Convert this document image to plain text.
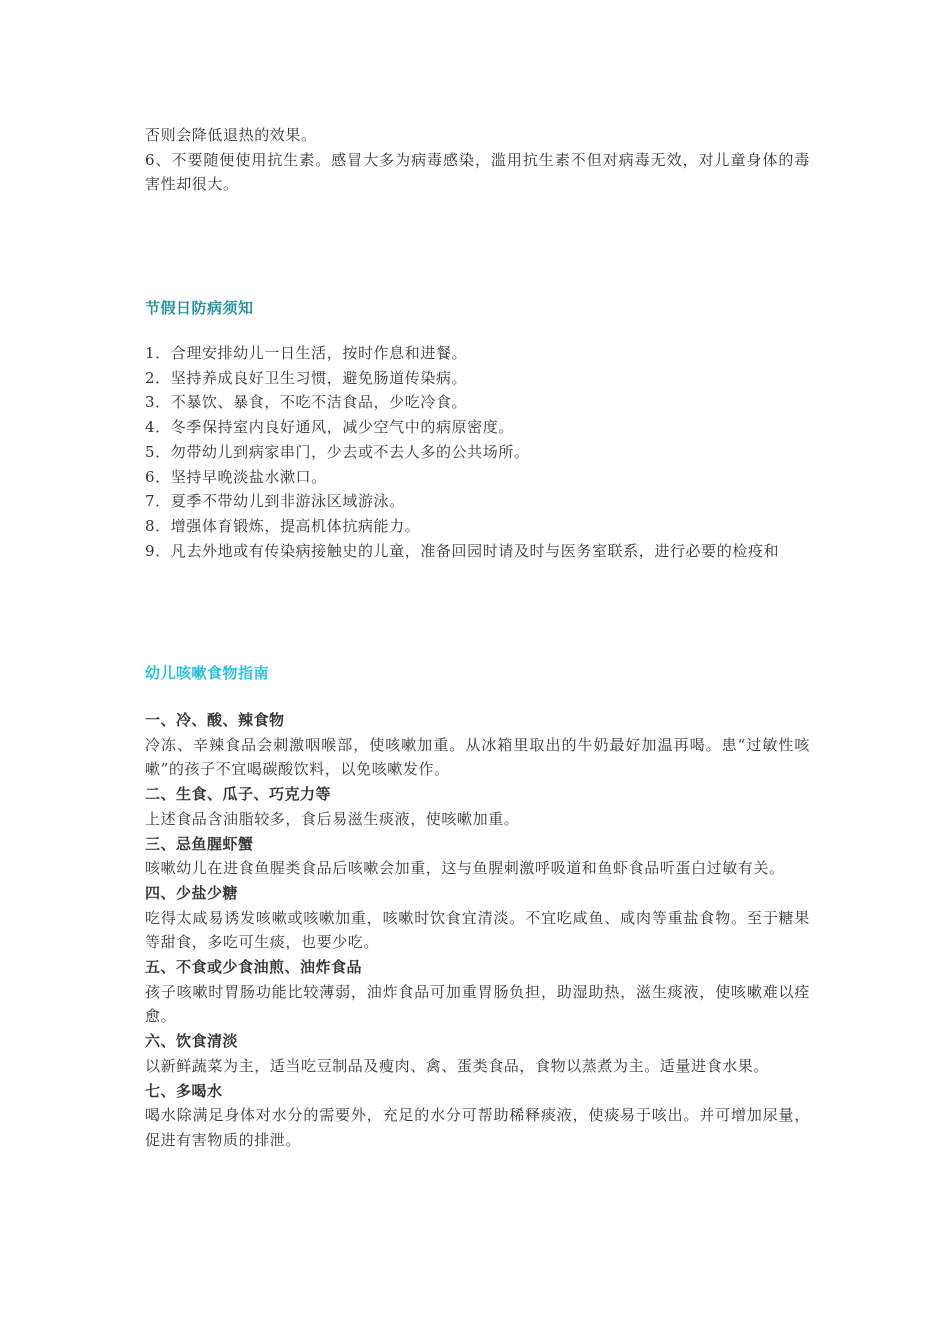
否则会降低退热的效果。

6、不要随便使用抗生素。感冒大多为病毒感染，滥用抗生素不但对病毒无效，对儿童身体的毒害性却很大。

节假日防病须知
1．合理安排幼儿一日生活，按时作息和进餐。
2．坚持养成良好卫生习惯，避免肠道传染病。
3．不暴饮、暴食，不吃不洁食品，少吃冷食。
4．冬季保持室内良好通风，减少空气中的病原密度。
5．勿带幼儿到病家串门，少去或不去人多的公共场所。
6．坚持早晚淡盐水漱口。
7．夏季不带幼儿到非游泳区域游泳。
8．增强体育锻炼，提高机体抗病能力。
9．凡去外地或有传染病接触史的儿童，准备回园时请及时与医务室联系，进行必要的检疫和
幼儿咳嗽食物指南

一、冷、酸、辣食物

冷冻、辛辣食品会刺激咽喉部，使咳嗽加重。从冰箱里取出的牛奶最好加温再喝。患“过敏性咳嗽”的孩子不宜喝碳酸饮料，以免咳嗽发作。

二、生食、瓜子、巧克力等

上述食品含油脂较多，食后易滋生痰液，使咳嗽加重。

三、忌鱼腥虾蟹

咳嗽幼儿在进食鱼腥类食品后咳嗽会加重，这与鱼腥刺激呼吸道和鱼虾食品听蛋白过敏有关。

四、少盐少糖

吃得太咸易诱发咳嗽或咳嗽加重，咳嗽时饮食宜清淡。不宜吃咸鱼、咸肉等重盐食物。至于糖果等甜食，多吃可生痰，也要少吃。

五、不食或少食油煎、油炸食品

孩子咳嗽时胃肠功能比较薄弱，油炸食品可加重胃肠负担，助湿助热，滋生痰液，使咳嗽难以痊愈。

六、饮食清淡

以新鲜蔬菜为主，适当吃豆制品及瘦肉、禽、蛋类食品，食物以蒸煮为主。适量进食水果。

七、多喝水

喝水除满足身体对水分的需要外，充足的水分可帮助稀释痰液，使痰易于咳出。并可增加尿量，促进有害物质的排泄。
